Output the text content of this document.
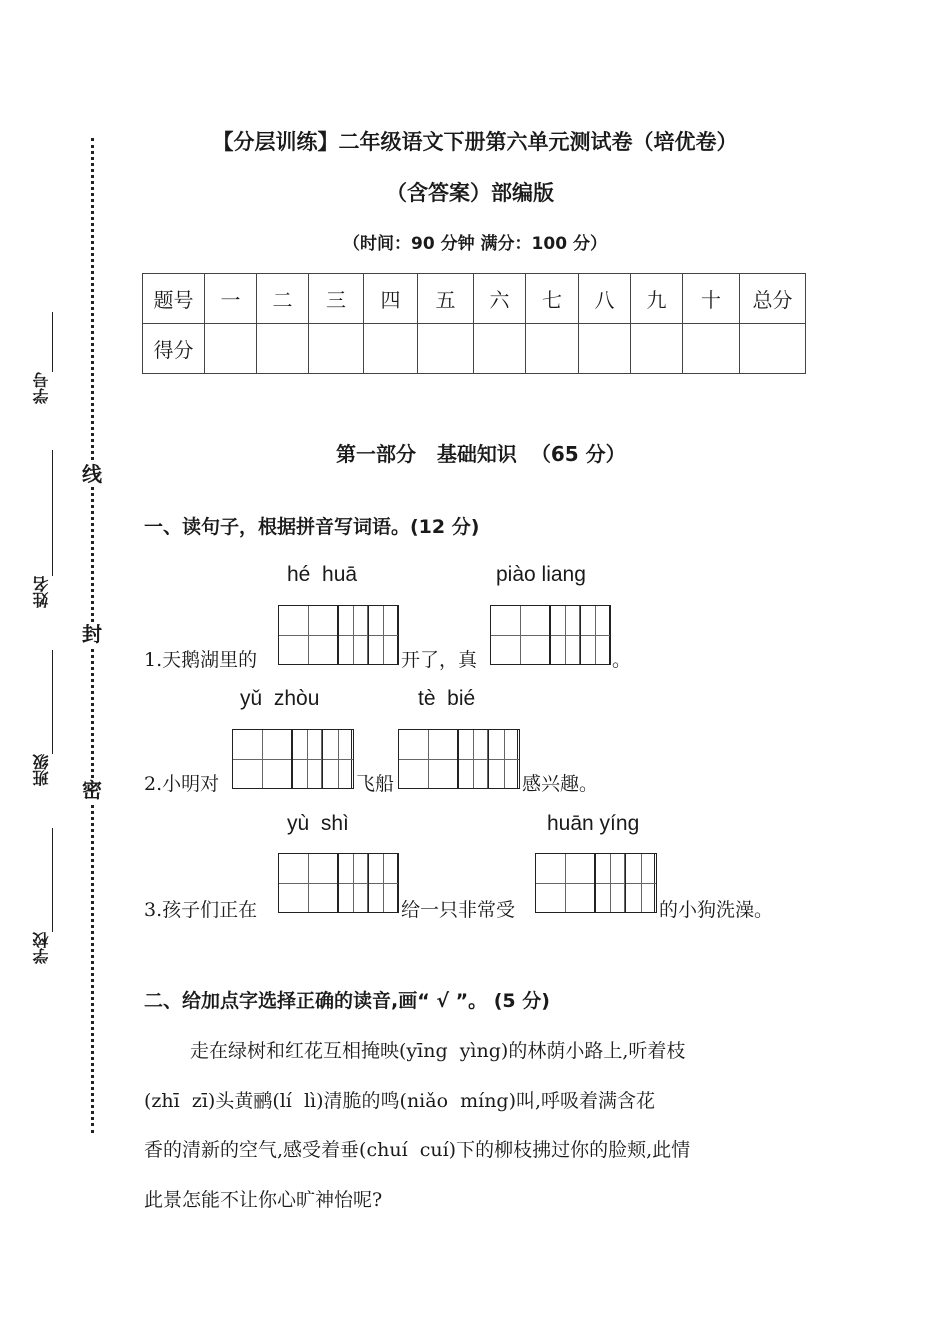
线
封
密
学号
姓名
班级
学校
【分层训练】二年级语文下册第六单元测试卷（培优卷）
（含答案）部编版
（时间：90 分钟 满分：100 分）
题号	一	二	三	四	五	六	七	八	九	十	总分
得分											
第一部分   基础知识  （65 分）
一、读句子，根据拼音写词语。(12 分)
hé  huā	piào liang
1.天鹅湖里的	开了，真	。
yǔ  zhòu	tè  bié
2.小明对	飞船	感兴趣。
yù  shì	huān yíng
3.孩子们正在	给一只非常受	的小狗洗澡。
二、给加点字选择正确的读音,画“ √ ”。 (5 分)
走在绿树和红花互相掩映(yīng  yìng)的林荫小路上,听着枝
(zhī  zī)头黄鹂(lí  lì)清脆的鸣(niǎo  míng)叫,呼吸着满含花
香的清新的空气,感受着垂(chuí  cuí)下的柳枝拂过你的脸颊,此情
此景怎能不让你心旷神怡呢?
